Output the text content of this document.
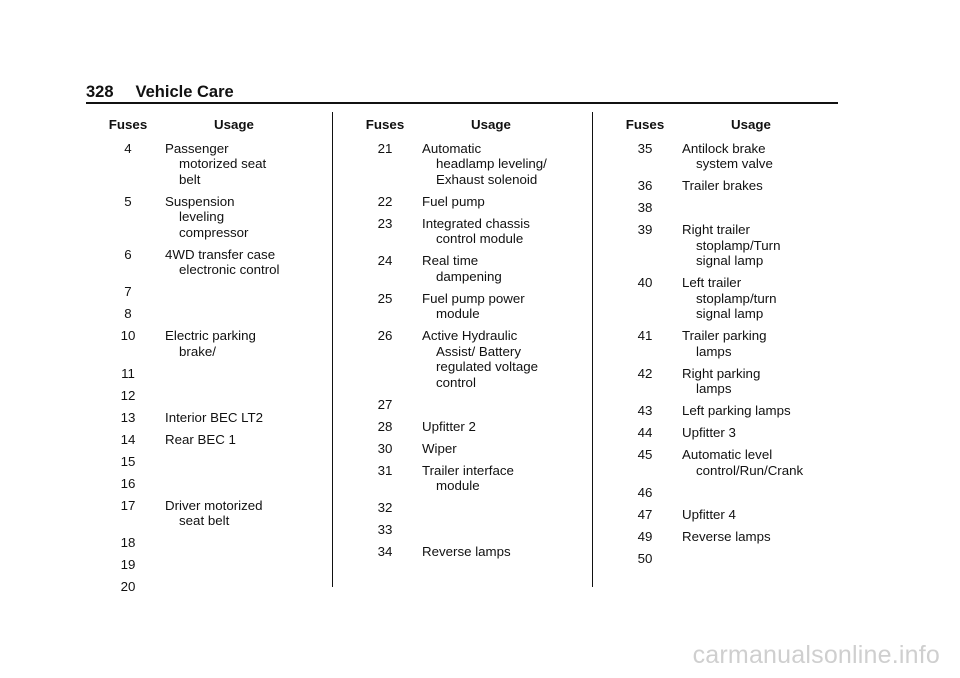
328 Vehicle Care
Fuses	Usage
4	Passenger
motorized seat belt
5	Suspension
leveling
compressor
6	4WD transfer case
electronic control
7
8
10	Electric parking
brake/
11
12
13	Interior BEC LT2
14	Rear BEC 1
15
16
17	Driver motorized
seat belt
18
19
20
Fuses	Usage
21	Automatic
headlamp leveling/
Exhaust solenoid
22	Fuel pump
23	Integrated chassis
control module
24	Real time
dampening
25	Fuel pump power
module
26	Active Hydraulic
Assist/ Battery
regulated voltage
control
27
28	Upfitter 2
30	Wiper
31	Trailer interface
module
32
33
34	Reverse lamps
Fuses	Usage
35	Antilock brake
system valve
36	Trailer brakes
38
39	Right trailer
stoplamp/Turn
signal lamp
40	Left trailer
stoplamp/turn
signal lamp
41	Trailer parking
lamps
42	Right parking
lamps
43	Left parking lamps
44	Upfitter 3
45	Automatic level
control/Run/Crank
46
47	Upfitter 4
49	Reverse lamps
50
carmanualsonline.info
